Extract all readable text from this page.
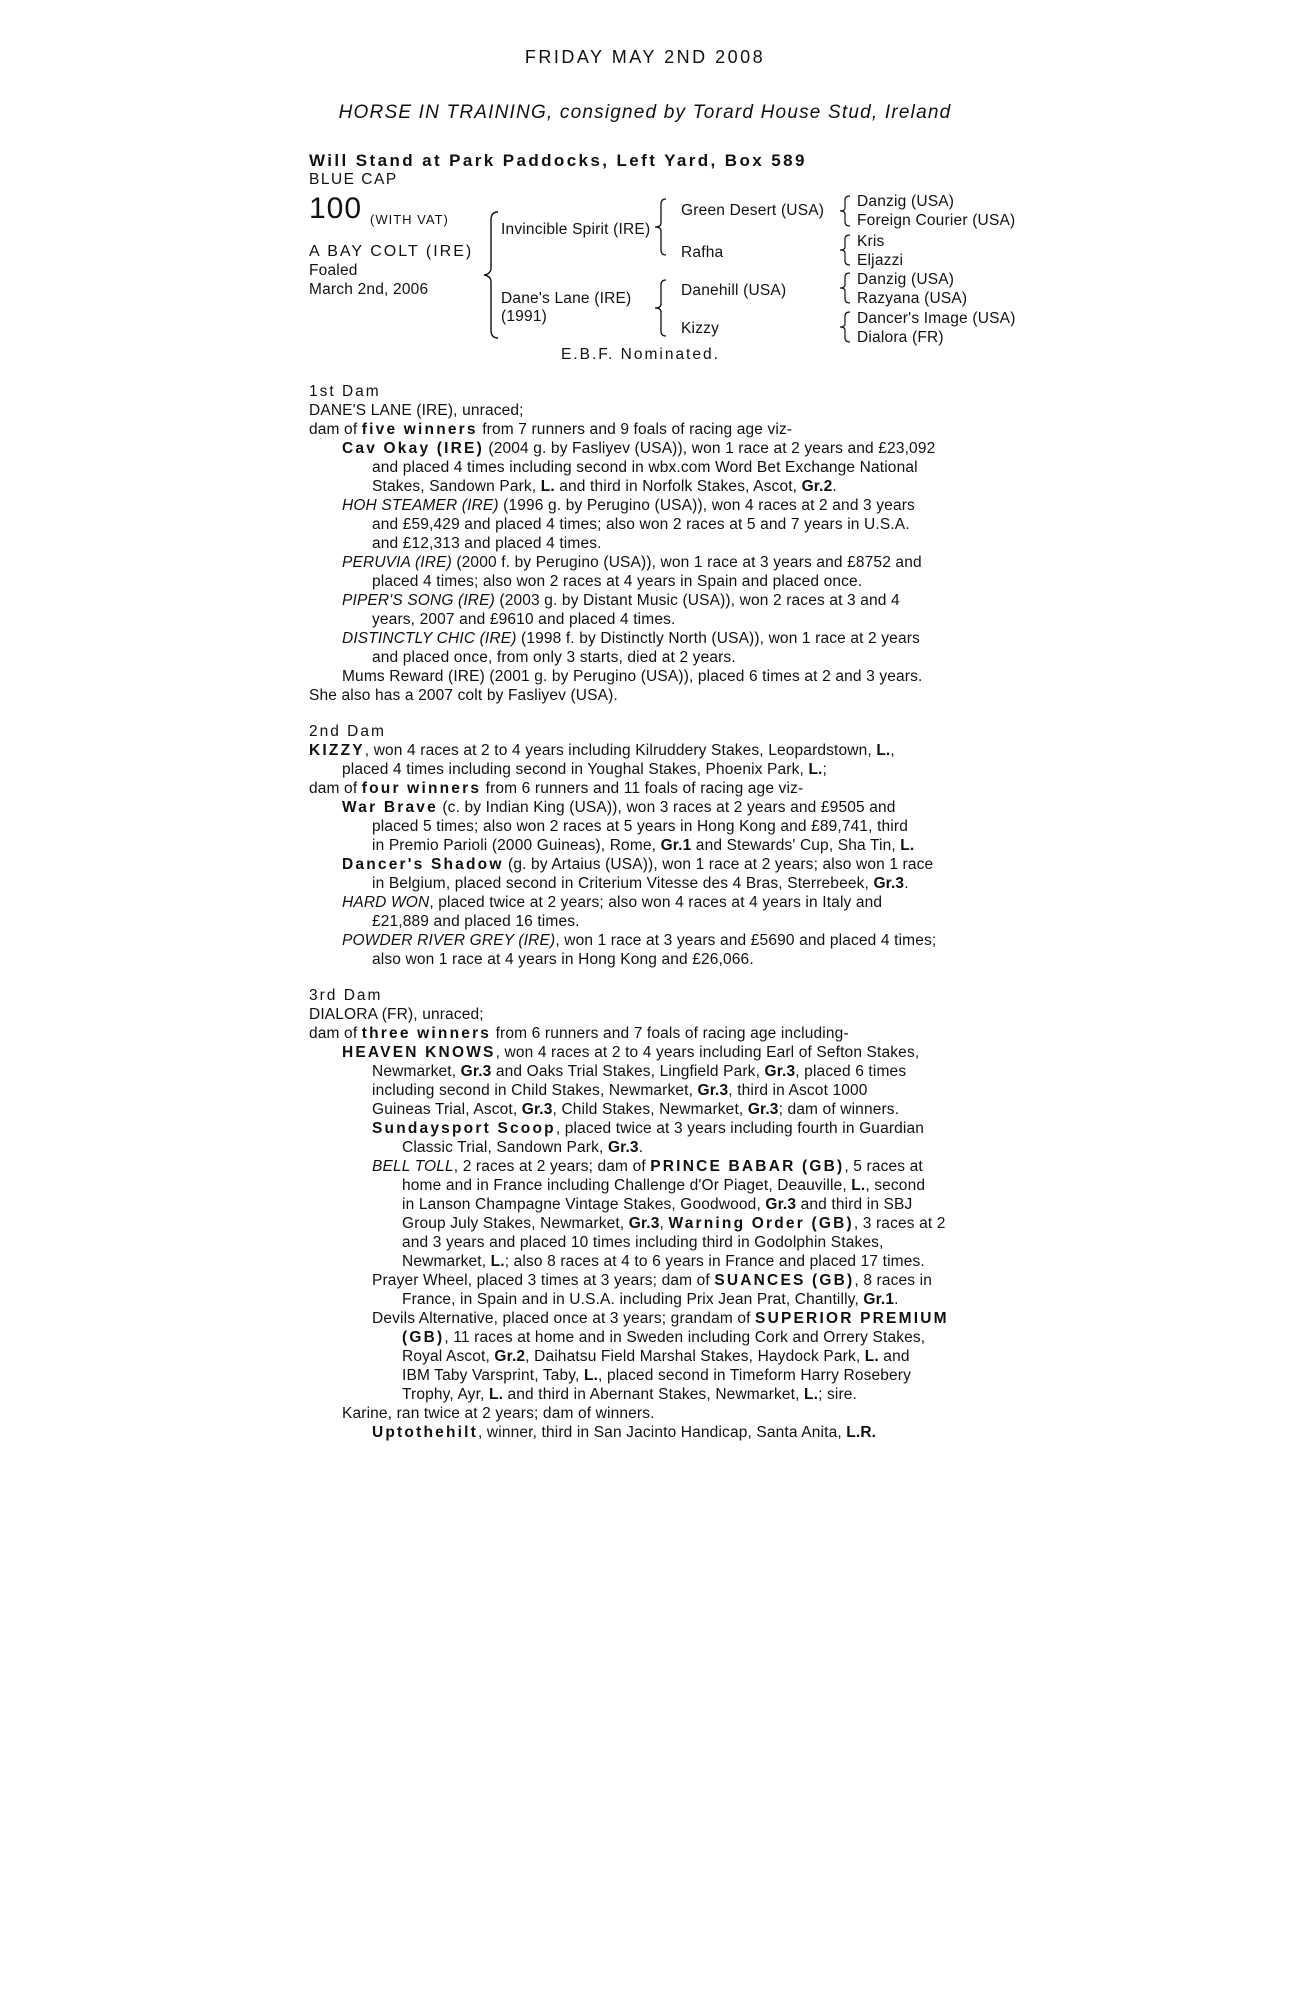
FRIDAY MAY 2ND 2008
HORSE IN TRAINING, consigned by Torard House Stud, Ireland
Will Stand at Park Paddocks, Left Yard, Box 589
BLUE CAP
100 (WITH VAT)
A BAY COLT (IRE)
Foaled
March 2nd, 2006
Invincible Spirit (IRE)
Dane's Lane (IRE)
(1991)
Green Desert (USA)
Rafha
Danehill (USA)
Kizzy
Danzig (USA)
Foreign Courier (USA)
Kris
Eljazzi
Danzig (USA)
Razyana (USA)
Dancer's Image (USA)
Dialora (FR)
E.B.F. Nominated.
1st Dam
DANE'S LANE (IRE), unraced;
dam of five winners from 7 runners and 9 foals of racing age viz-
Cav Okay (IRE) (2004 g. by Fasliyev (USA)), won 1 race at 2 years and £23,092
and placed 4 times including second in wbx.com Word Bet Exchange National
Stakes, Sandown Park, L. and third in Norfolk Stakes, Ascot, Gr.2.
HOH STEAMER (IRE) (1996 g. by Perugino (USA)), won 4 races at 2 and 3 years
and £59,429 and placed 4 times; also won 2 races at 5 and 7 years in U.S.A.
and £12,313 and placed 4 times.
PERUVIA (IRE) (2000 f. by Perugino (USA)), won 1 race at 3 years and £8752 and
placed 4 times; also won 2 races at 4 years in Spain and placed once.
PIPER'S SONG (IRE) (2003 g. by Distant Music (USA)), won 2 races at 3 and 4
years, 2007 and £9610 and placed 4 times.
DISTINCTLY CHIC (IRE) (1998 f. by Distinctly North (USA)), won 1 race at 2 years
and placed once, from only 3 starts, died at 2 years.
Mums Reward (IRE) (2001 g. by Perugino (USA)), placed 6 times at 2 and 3 years.
She also has a 2007 colt by Fasliyev (USA).
2nd Dam
KIZZY, won 4 races at 2 to 4 years including Kilruddery Stakes, Leopardstown, L.,
placed 4 times including second in Youghal Stakes, Phoenix Park, L.;
dam of four winners from 6 runners and 11 foals of racing age viz-
War Brave (c. by Indian King (USA)), won 3 races at 2 years and £9505 and
placed 5 times; also won 2 races at 5 years in Hong Kong and £89,741, third
in Premio Parioli (2000 Guineas), Rome, Gr.1 and Stewards' Cup, Sha Tin, L.
Dancer's Shadow (g. by Artaius (USA)), won 1 race at 2 years; also won 1 race
in Belgium, placed second in Criterium Vitesse des 4 Bras, Sterrebeek, Gr.3.
HARD WON, placed twice at 2 years; also won 4 races at 4 years in Italy and
£21,889 and placed 16 times.
POWDER RIVER GREY (IRE), won 1 race at 3 years and £5690 and placed 4 times;
also won 1 race at 4 years in Hong Kong and £26,066.
3rd Dam
DIALORA (FR), unraced;
dam of three winners from 6 runners and 7 foals of racing age including-
HEAVEN KNOWS, won 4 races at 2 to 4 years including Earl of Sefton Stakes,
Newmarket, Gr.3 and Oaks Trial Stakes, Lingfield Park, Gr.3, placed 6 times
including second in Child Stakes, Newmarket, Gr.3, third in Ascot 1000
Guineas Trial, Ascot, Gr.3, Child Stakes, Newmarket, Gr.3; dam of winners.
Sundaysport Scoop, placed twice at 3 years including fourth in Guardian
Classic Trial, Sandown Park, Gr.3.
BELL TOLL, 2 races at 2 years; dam of PRINCE BABAR (GB), 5 races at
home and in France including Challenge d'Or Piaget, Deauville, L., second
in Lanson Champagne Vintage Stakes, Goodwood, Gr.3 and third in SBJ
Group July Stakes, Newmarket, Gr.3, Warning Order (GB), 3 races at 2
and 3 years and placed 10 times including third in Godolphin Stakes,
Newmarket, L.; also 8 races at 4 to 6 years in France and placed 17 times.
Prayer Wheel, placed 3 times at 3 years; dam of SUANCES (GB), 8 races in
France, in Spain and in U.S.A. including Prix Jean Prat, Chantilly, Gr.1.
Devils Alternative, placed once at 3 years; grandam of SUPERIOR PREMIUM
(GB), 11 races at home and in Sweden including Cork and Orrery Stakes,
Royal Ascot, Gr.2, Daihatsu Field Marshal Stakes, Haydock Park, L. and
IBM Taby Varsprint, Taby, L., placed second in Timeform Harry Rosebery
Trophy, Ayr, L. and third in Abernant Stakes, Newmarket, L.; sire.
Karine, ran twice at 2 years; dam of winners.
Uptothehilt, winner, third in San Jacinto Handicap, Santa Anita, L.R.
